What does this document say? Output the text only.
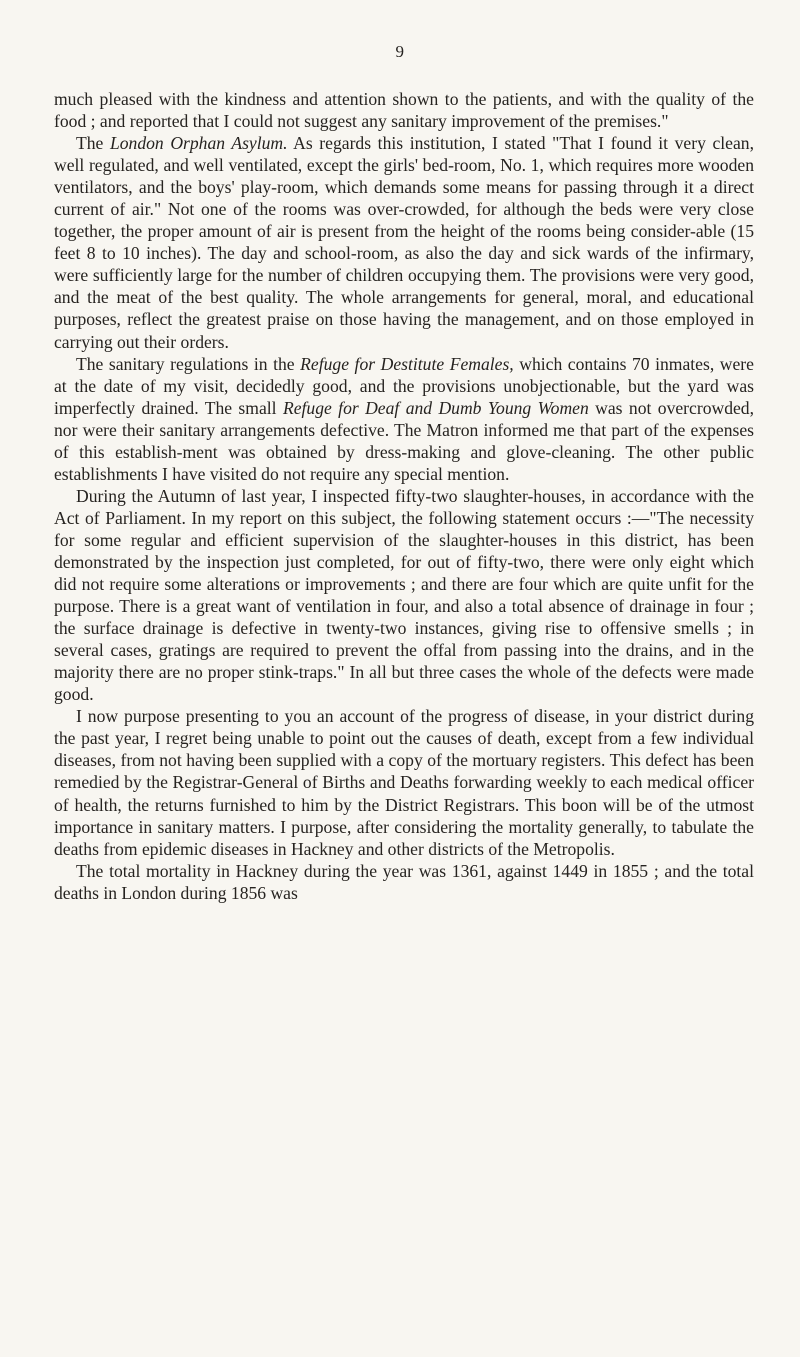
9

much pleased with the kindness and attention shown to the patients, and with the quality of the food ; and reported that I could not suggest any sanitary improvement of the premises."

The London Orphan Asylum. As regards this institution, I stated "That I found it very clean, well regulated, and well ventilated, except the girls' bed-room, No. 1, which requires more wooden ventilators, and the boys' play-room, which demands some means for passing through it a direct current of air." Not one of the rooms was over-crowded, for although the beds were very close together, the proper amount of air is present from the height of the rooms being consider-able (15 feet 8 to 10 inches). The day and school-room, as also the day and sick wards of the infirmary, were sufficiently large for the number of children occupying them. The provisions were very good, and the meat of the best quality. The whole arrangements for general, moral, and educational purposes, reflect the greatest praise on those having the management, and on those employed in carrying out their orders.

The sanitary regulations in the Refuge for Destitute Females, which contains 70 inmates, were at the date of my visit, decidedly good, and the provisions unobjectionable, but the yard was imperfectly drained. The small Refuge for Deaf and Dumb Young Women was not overcrowded, nor were their sanitary arrangements defective. The Matron informed me that part of the expenses of this establish-ment was obtained by dress-making and glove-cleaning. The other public establishments I have visited do not require any special mention.

During the Autumn of last year, I inspected fifty-two slaughter-houses, in accordance with the Act of Parliament. In my report on this subject, the following statement occurs :—"The necessity for some regular and efficient supervision of the slaughter-houses in this district, has been demonstrated by the inspection just completed, for out of fifty-two, there were only eight which did not require some alterations or improvements ; and there are four which are quite unfit for the purpose. There is a great want of ventilation in four, and also a total absence of drainage in four ; the surface drainage is defective in twenty-two instances, giving rise to offensive smells ; in several cases, gratings are required to prevent the offal from passing into the drains, and in the majority there are no proper stink-traps." In all but three cases the whole of the defects were made good.

I now purpose presenting to you an account of the progress of disease, in your district during the past year, I regret being unable to point out the causes of death, except from a few individual diseases, from not having been supplied with a copy of the mortuary registers. This defect has been remedied by the Registrar-General of Births and Deaths forwarding weekly to each medical officer of health, the returns furnished to him by the District Registrars. This boon will be of the utmost importance in sanitary matters. I purpose, after considering the mortality generally, to tabulate the deaths from epidemic diseases in Hackney and other districts of the Metropolis.

The total mortality in Hackney during the year was 1361, against 1449 in 1855 ; and the total deaths in London during 1856 was
